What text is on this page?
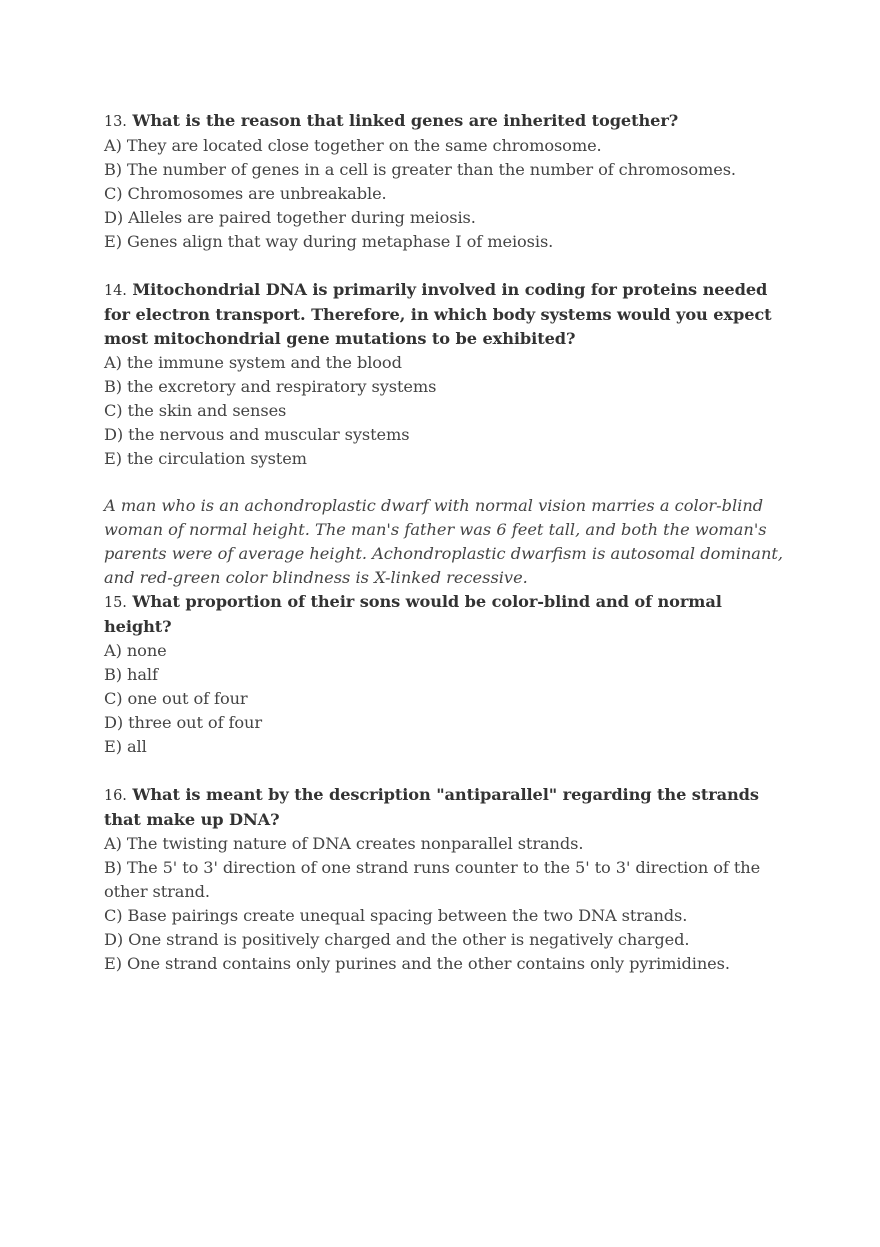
13. What is the reason that linked genes are inherited together?
A) They are located close together on the same chromosome.
B) The number of genes in a cell is greater than the number of chromosomes.
C) Chromosomes are unbreakable.
D) Alleles are paired together during meiosis.
E) Genes align that way during metaphase I of meiosis.
14. Mitochondrial DNA is primarily involved in coding for proteins needed for electron transport. Therefore, in which body systems would you expect most mitochondrial gene mutations to be exhibited?
A) the immune system and the blood
B) the excretory and respiratory systems
C) the skin and senses
D) the nervous and muscular systems
E) the circulation system
A man who is an achondroplastic dwarf with normal vision marries a color-blind woman of normal height. The man's father was 6 feet tall, and both the woman's parents were of average height. Achondroplastic dwarfism is autosomal dominant, and red-green color blindness is X-linked recessive.
15. What proportion of their sons would be color-blind and of normal height?
A) none
B) half
C) one out of four
D) three out of four
E) all
16. What is meant by the description "antiparallel" regarding the strands that make up DNA?
A) The twisting nature of DNA creates nonparallel strands.
B) The 5' to 3' direction of one strand runs counter to the 5' to 3' direction of the other strand.
C) Base pairings create unequal spacing between the two DNA strands.
D) One strand is positively charged and the other is negatively charged.
E) One strand contains only purines and the other contains only pyrimidines.
